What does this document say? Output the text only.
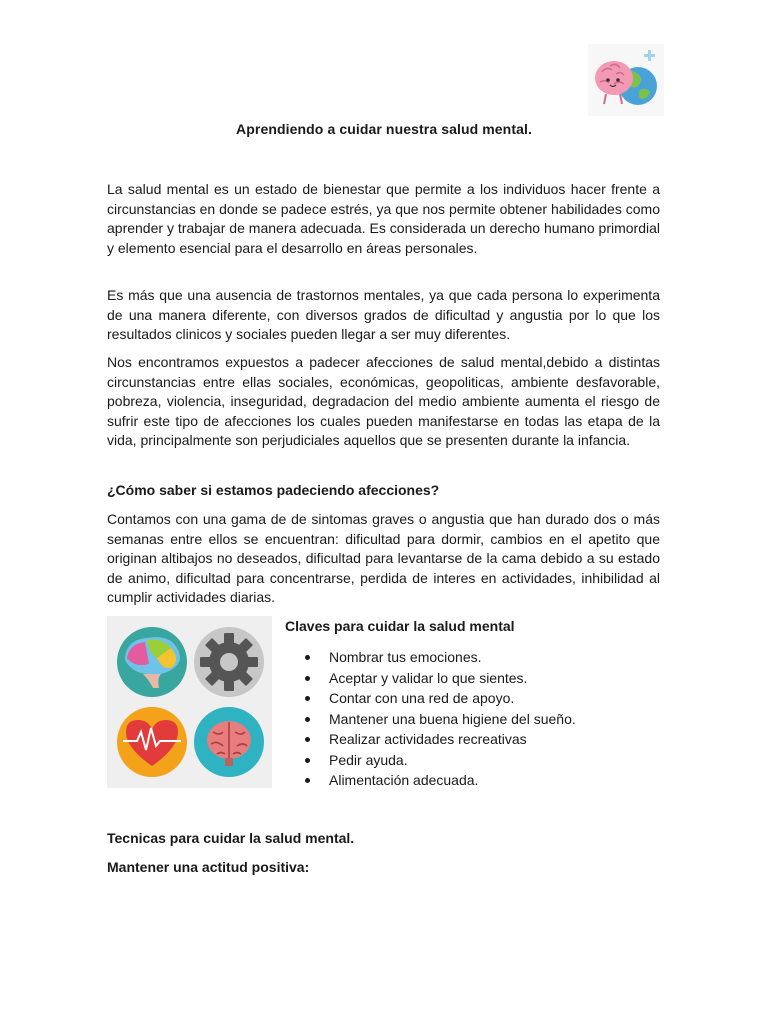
Aprendiendo a cuidar nuestra salud mental.

La salud mental es un estado de bienestar que permite a los individuos hacer frente a circunstancias en donde se padece estrés, ya que nos permite obtener habilidades como aprender y trabajar de manera adecuada. Es considerada un derecho humano primordial y elemento esencial para el desarrollo en áreas personales.

Es más que una ausencia de trastornos mentales, ya que cada persona lo experimenta de una manera diferente, con diversos grados de dificultad y angustia por lo que los resultados clinicos y sociales pueden llegar a ser muy diferentes.

Nos encontramos expuestos a padecer afecciones de salud mental,debido a distintas circunstancias entre ellas sociales, económicas, geopoliticas, ambiente desfavorable, pobreza, violencia, inseguridad, degradacion del medio ambiente aumenta el riesgo de sufrir este tipo de afecciones los cuales pueden manifestarse en todas las etapa de la vida, principalmente son perjudiciales aquellos que se presenten durante la infancia.

¿Cómo saber si estamos padeciendo afecciones?

Contamos con una gama de de sintomas graves o angustia que han durado dos o más semanas entre ellos se encuentran: dificultad para dormir, cambios en el apetito que originan altibajos no deseados, dificultad para levantarse de la cama debido a su estado de animo, dificultad para concentrarse, perdida de interes en actividades, inhibilidad al cumplir actividades diarias.

Claves para cuidar la salud mental
Nombrar tus emociones.
Aceptar y validar lo que sientes.
Contar con una red de apoyo.
Mantener una buena higiene del sueño.
Realizar actividades recreativas
Pedir ayuda.
Alimentación adecuada.
Tecnicas para cuidar la salud mental.
Mantener una actitud positiva:
